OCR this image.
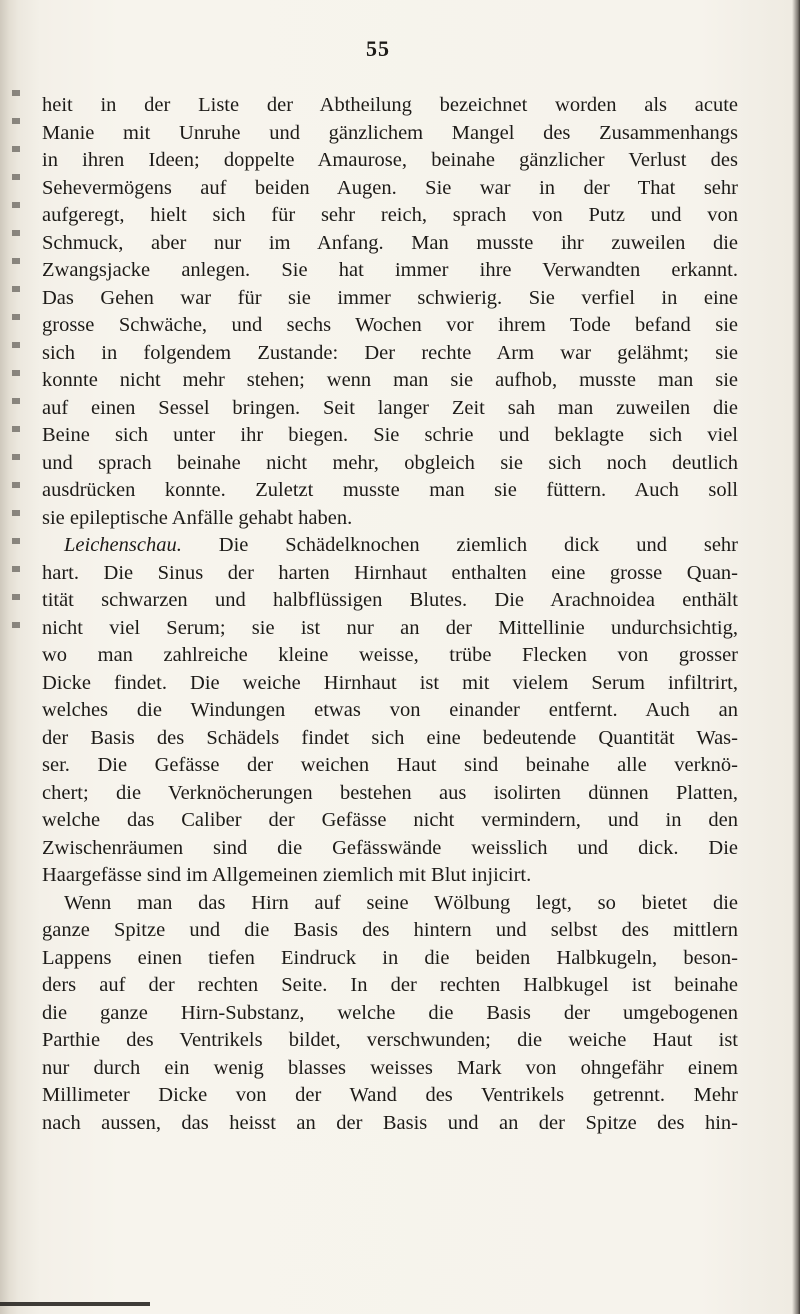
55
heit in der Liste der Abtheilung bezeichnet worden als acute
Manie mit Unruhe und gänzlichem Mangel des Zusammenhangs
in ihren Ideen; doppelte Amaurose, beinahe gänzlicher Verlust des
Sehevermögens auf beiden Augen. Sie war in der That sehr
aufgeregt, hielt sich für sehr reich, sprach von Putz und von
Schmuck, aber nur im Anfang. Man musste ihr zuweilen die
Zwangsjacke anlegen. Sie hat immer ihre Verwandten erkannt.
Das Gehen war für sie immer schwierig. Sie verfiel in eine
grosse Schwäche, und sechs Wochen vor ihrem Tode befand sie
sich in folgendem Zustande: Der rechte Arm war gelähmt; sie
konnte nicht mehr stehen; wenn man sie aufhob, musste man sie
auf einen Sessel bringen. Seit langer Zeit sah man zuweilen die
Beine sich unter ihr biegen. Sie schrie und beklagte sich viel
und sprach beinahe nicht mehr, obgleich sie sich noch deutlich
ausdrücken konnte. Zuletzt musste man sie füttern. Auch soll
sie epileptische Anfälle gehabt haben.
Leichenschau. Die Schädelknochen ziemlich dick und sehr
hart. Die Sinus der harten Hirnhaut enthalten eine grosse Quan-
tität schwarzen und halbflüssigen Blutes. Die Arachnoidea enthält
nicht viel Serum; sie ist nur an der Mittellinie undurchsichtig,
wo man zahlreiche kleine weisse, trübe Flecken von grosser
Dicke findet. Die weiche Hirnhaut ist mit vielem Serum infiltrirt,
welches die Windungen etwas von einander entfernt. Auch an
der Basis des Schädels findet sich eine bedeutende Quantität Was-
ser. Die Gefässe der weichen Haut sind beinahe alle verknö-
chert; die Verknöcherungen bestehen aus isolirten dünnen Platten,
welche das Caliber der Gefässe nicht vermindern, und in den
Zwischenräumen sind die Gefässwände weisslich und dick. Die
Haargefässe sind im Allgemeinen ziemlich mit Blut injicirt.
Wenn man das Hirn auf seine Wölbung legt, so bietet die
ganze Spitze und die Basis des hintern und selbst des mittlern
Lappens einen tiefen Eindruck in die beiden Halbkugeln, beson-
ders auf der rechten Seite. In der rechten Halbkugel ist beinahe
die ganze Hirn-Substanz, welche die Basis der umgebogenen
Parthie des Ventrikels bildet, verschwunden; die weiche Haut ist
nur durch ein wenig blasses weisses Mark von ohngefähr einem
Millimeter Dicke von der Wand des Ventrikels getrennt. Mehr
nach aussen, das heisst an der Basis und an der Spitze des hin-
